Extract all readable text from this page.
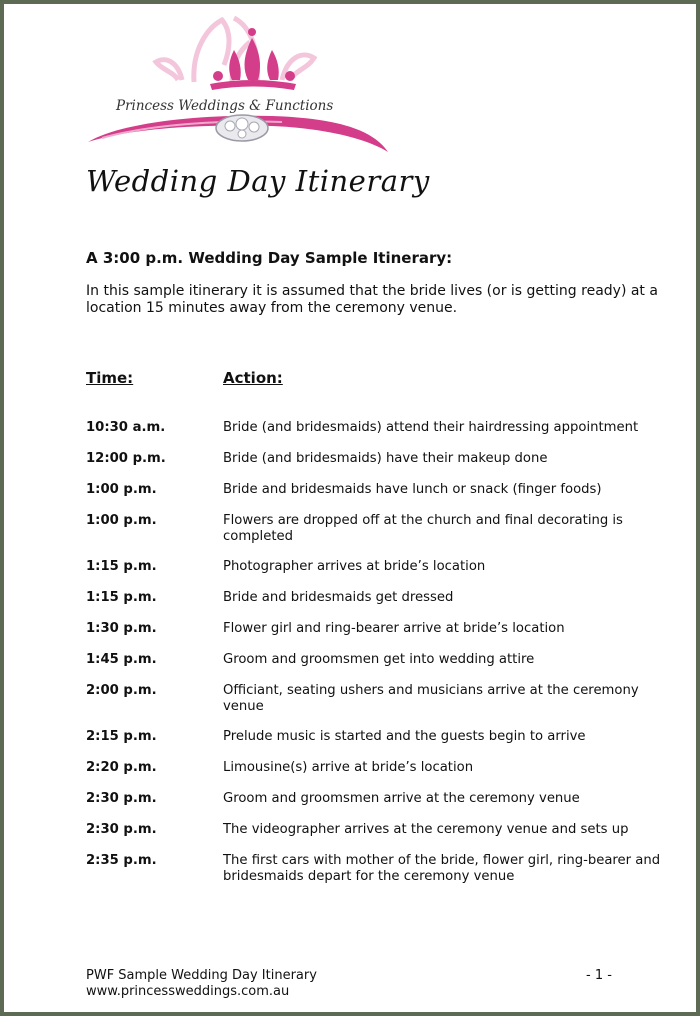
Princess Weddings & Functions
Wedding Day Itinerary
A 3:00 p.m. Wedding Day Sample Itinerary:
In this sample itinerary it is assumed that the bride lives (or is getting ready) at a location 15 minutes away from the ceremony venue.
Time:	Action:
10:30 a.m.	Bride (and bridesmaids) attend their hairdressing appointment
12:00 p.m.	Bride (and bridesmaids) have their makeup done
1:00 p.m.	Bride and bridesmaids have lunch or snack (finger foods)
1:00 p.m.	Flowers are dropped off at the church and final decorating is completed
1:15 p.m.	Photographer arrives at bride’s location
1:15 p.m.	Bride and bridesmaids get dressed
1:30 p.m.	Flower girl and ring-bearer arrive at bride’s location
1:45 p.m.	Groom and groomsmen get into wedding attire
2:00 p.m.	Officiant, seating ushers and musicians arrive at the ceremony venue
2:15 p.m.	Prelude music is started and the guests begin to arrive
2:20 p.m.	Limousine(s) arrive at bride’s location
2:30 p.m.	Groom and groomsmen arrive at the ceremony venue
2:30 p.m.	The videographer arrives at the ceremony venue and sets up
2:35 p.m.	The first cars with mother of the bride, flower girl, ring-bearer and bridesmaids depart for the ceremony venue
PWF Sample Wedding Day Itinerary
www.princessweddings.com.au
- 1 -
